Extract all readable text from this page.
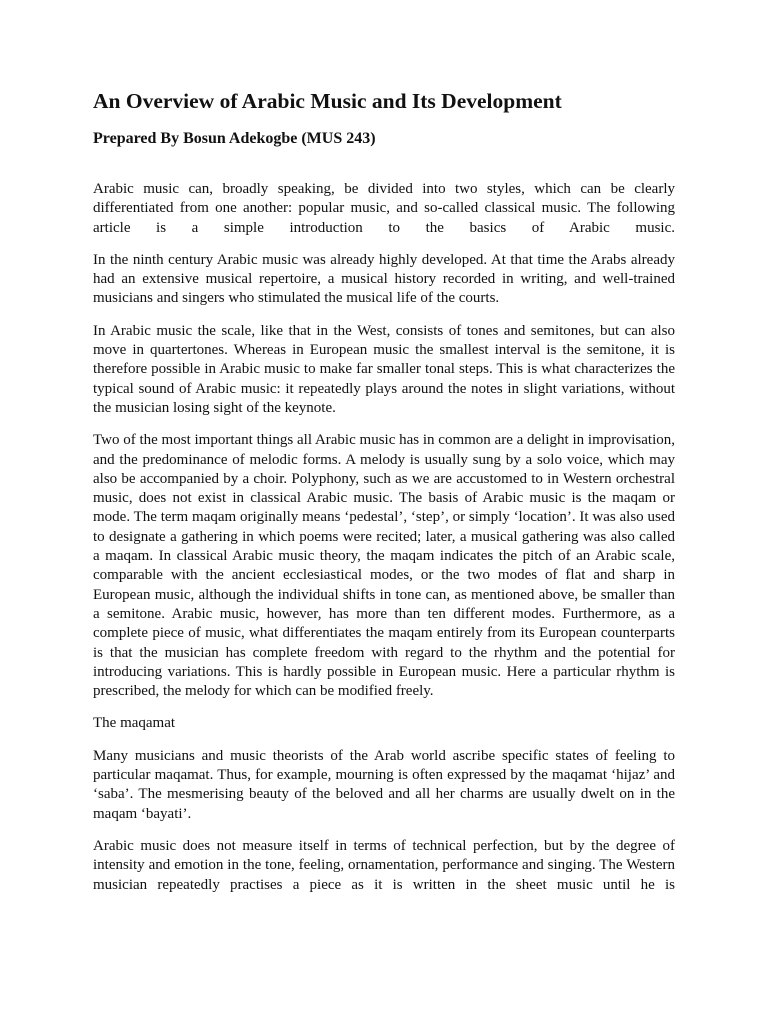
An Overview of Arabic Music and Its Development
Prepared By Bosun Adekogbe (MUS 243)

Arabic music can, broadly speaking, be divided into two styles, which can be clearly differentiated from one another: popular music, and so-called classical music. The following article is a simple introduction to the basics of Arabic music.

In the ninth century Arabic music was already highly developed. At that time the Arabs already had an extensive musical repertoire, a musical history recorded in writing, and well-trained musicians and singers who stimulated the musical life of the courts.

In Arabic music the scale, like that in the West, consists of tones and semitones, but can also move in quartertones. Whereas in European music the smallest interval is the semitone, it is therefore possible in Arabic music to make far smaller tonal steps. This is what characterizes the typical sound of Arabic music: it repeatedly plays around the notes in slight variations, without the musician losing sight of the keynote.

Two of the most important things all Arabic music has in common are a delight in improvisation, and the predominance of melodic forms. A melody is usually sung by a solo voice, which may also be accompanied by a choir. Polyphony, such as we are accustomed to in Western orchestral music, does not exist in classical Arabic music. The basis of Arabic music is the maqam or mode. The term maqam originally means ‘pedestal’, ‘step’, or simply ‘location’. It was also used to designate a gathering in which poems were recited; later, a musical gathering was also called a maqam. In classical Arabic music theory, the maqam indicates the pitch of an Arabic scale, comparable with the ancient ecclesiastical modes, or the two modes of flat and sharp in European music, although the individual shifts in tone can, as mentioned above, be smaller than a semitone. Arabic music, however, has more than ten different modes. Furthermore, as a complete piece of music, what differentiates the maqam entirely from its European counterparts is that the musician has complete freedom with regard to the rhythm and the potential for introducing variations. This is hardly possible in European music. Here a particular rhythm is prescribed, the melody for which can be modified freely.

The maqamat

Many musicians and music theorists of the Arab world ascribe specific states of feeling to particular maqamat. Thus, for example, mourning is often expressed by the maqamat ‘hijaz’ and ‘saba’. The mesmerising beauty of the beloved and all her charms are usually dwelt on in the maqam ‘bayati’.

Arabic music does not measure itself in terms of technical perfection, but by the degree of intensity and emotion in the tone, feeling, ornamentation, performance and singing. The Western musician repeatedly practises a piece as it is written in the sheet music until he is
